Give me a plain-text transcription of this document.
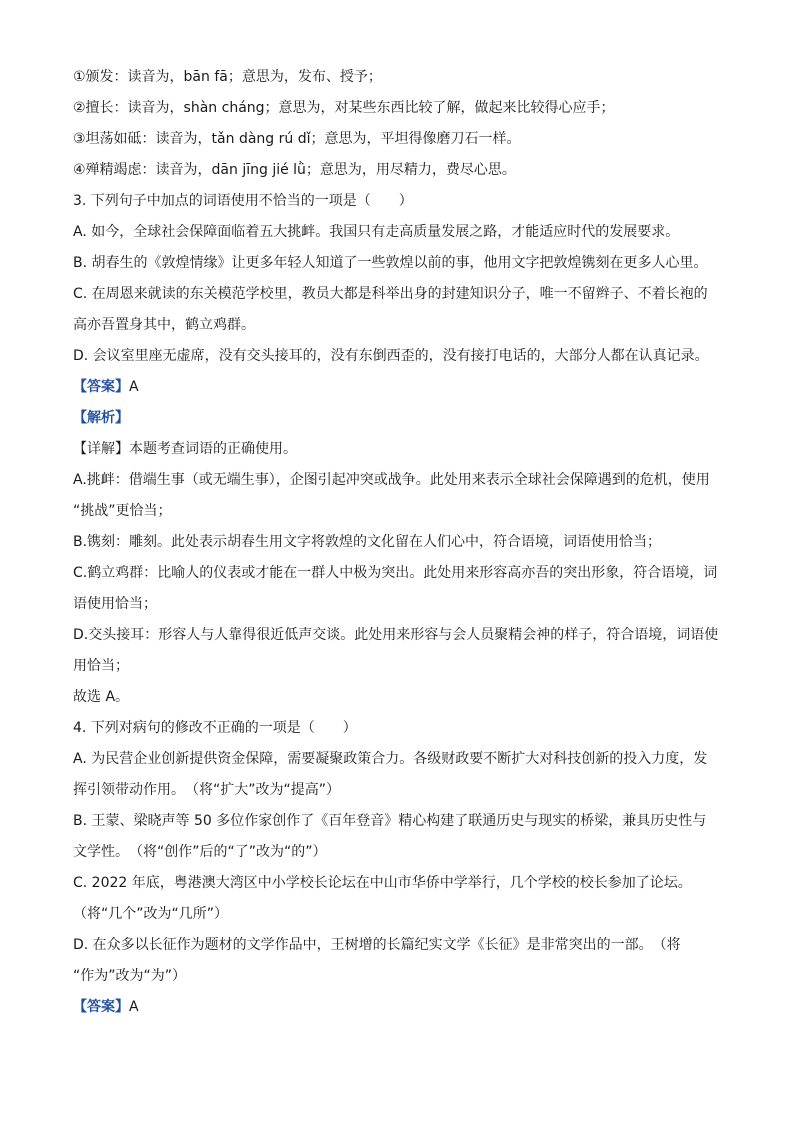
①颁发：读音为，bān fā；意思为，发布、授予；

②擅长：读音为，shàn cháng；意思为，对某些东西比较了解，做起来比较得心应手；

③坦荡如砥：读音为，tǎn dàng rú dǐ；意思为，平坦得像磨刀石一样。

④殚精竭虑：读音为，dān jīng jié lǜ；意思为，用尽精力，费尽心思。

3. 下列句子中加点的词语使用不恰当的一项是（　　）

A. 如今，全球社会保障面临着五大挑衅。我国只有走高质量发展之路，才能适应时代的发展要求。

B. 胡春生的《敦煌情缘》让更多年轻人知道了一些敦煌以前的事，他用文字把敦煌镌刻在更多人心里。

C. 在周恩来就读的东关模范学校里，教员大都是科举出身的封建知识分子，唯一不留辫子、不着长袍的
高亦吾置身其中，鹤立鸡群。

D. 会议室里座无虚席，没有交头接耳的，没有东倒西歪的，没有接打电话的，大部分人都在认真记录。

【答案】A

【解析】

【详解】本题考查词语的正确使用。

A.挑衅：借端生事（或无端生事），企图引起冲突或战争。此处用来表示全球社会保障遇到的危机，使用
“挑战”更恰当；

B.镌刻：雕刻。此处表示胡春生用文字将敦煌的文化留在人们心中，符合语境，词语使用恰当；

C.鹤立鸡群：比喻人的仪表或才能在一群人中极为突出。此处用来形容高亦吾的突出形象，符合语境，词
语使用恰当；

D.交头接耳：形容人与人靠得很近低声交谈。此处用来形容与会人员聚精会神的样子，符合语境，词语使
用恰当；

故选 A。

4. 下列对病句的修改不正确的一项是（　　）

A. 为民营企业创新提供资金保障，需要凝聚政策合力。各级财政要不断扩大对科技创新的投入力度，发
挥引领带动作用。　（将“扩大”改为“提高”）

B. 王蒙、梁晓声等 50 多位作家创作了《百年登音》精心构建了联通历史与现实的桥梁，兼具历史性与
文学性。　（将“创作”后的“了”改为“的”）

C. 2022 年底，粤港澳大湾区中小学校长论坛在中山市华侨中学举行，几个学校的校长参加了论坛。
（将“几个”改为“几所”）

D. 在众多以长征作为题材的文学作品中，王树增的长篇纪实文学《长征》是非常突出的一部。　（将
“作为”改为“为”）

【答案】A
